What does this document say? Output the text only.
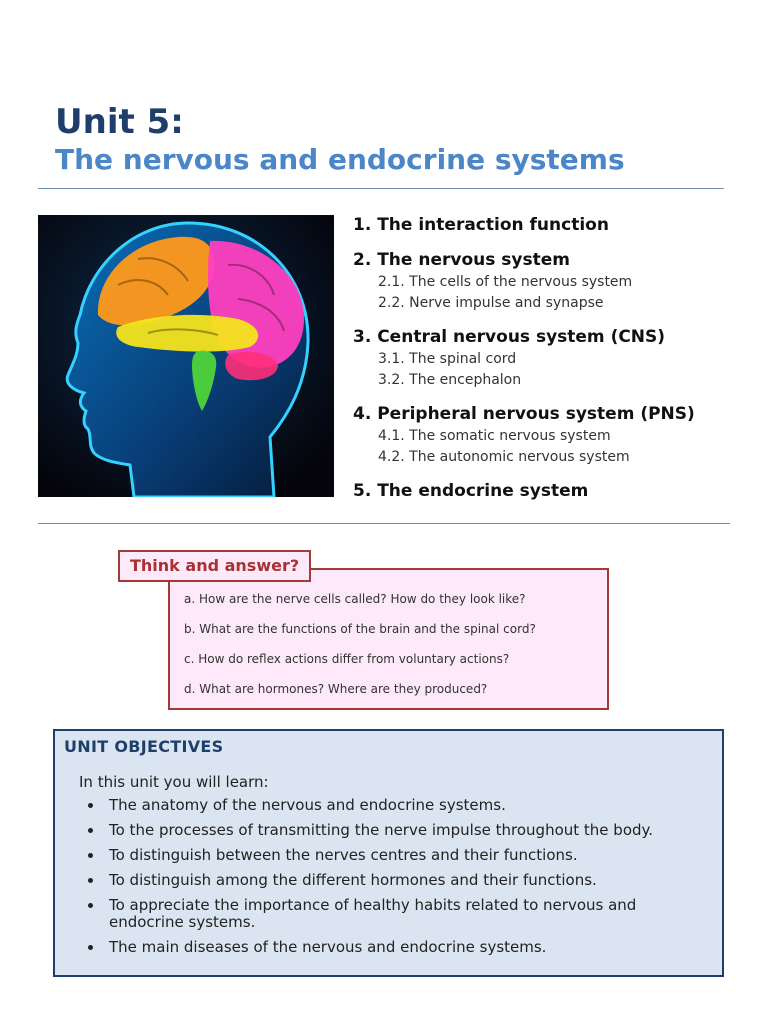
Unit 5:
The nervous and endocrine systems
1. The interaction function
2. The nervous system
2.1. The cells of the nervous system
2.2. Nerve impulse and synapse
3. Central nervous system (CNS)
3.1. The spinal cord
3.2. The encephalon
4. Peripheral nervous system (PNS)
4.1. The somatic nervous system
4.2. The autonomic nervous system
5. The endocrine system
Think and answer?
a. How are the nerve cells called? How do they look like?
b. What are the functions of the brain and the spinal cord?
c. How do reflex actions differ from voluntary actions?
d. What are hormones? Where are they produced?
UNIT OBJECTIVES
In this unit you will learn:
The anatomy of the nervous and endocrine systems.
To the processes of transmitting the nerve impulse throughout the body.
To distinguish between the nerves centres and their functions.
To distinguish among the different hormones and their functions.
To appreciate the importance of healthy habits related to nervous and endocrine systems.
The main diseases of the nervous and endocrine systems.
